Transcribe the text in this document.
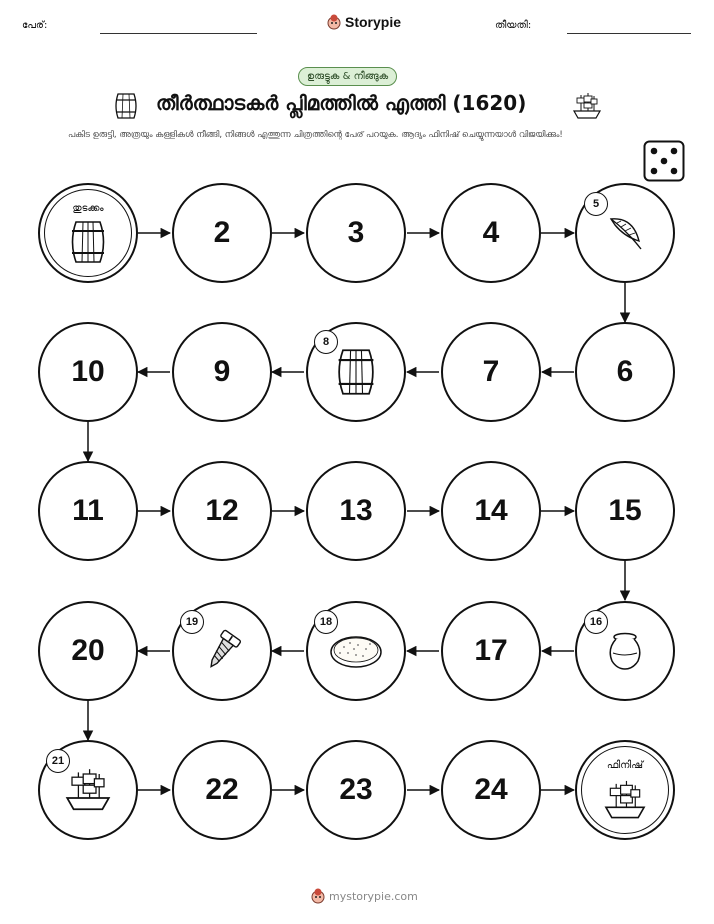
പേര്:	Storypie	തീയതി:
ഉരുട്ടുക & നീങ്ങുക
തീർത്ഥാടകർ പ്ലിമത്തിൽ എത്തി (1620)
പകിട ഉരുട്ടി, അത്രയും കള്ളികൾ നീങ്ങി, നിങ്ങൾ എത്തുന്ന ചിത്രത്തിന്റെ പേര് പറയുക. ആദ്യം ഫിനിഷ് ചെയ്യുന്നയാൾ വിജയിക്കും!
തുടക്കം
2	3	4
5
10	9
8
7	6
11	12	13	14	15
20
19	18
17
16
21
22	23	24
ഫിനിഷ്
mystorypie.com
